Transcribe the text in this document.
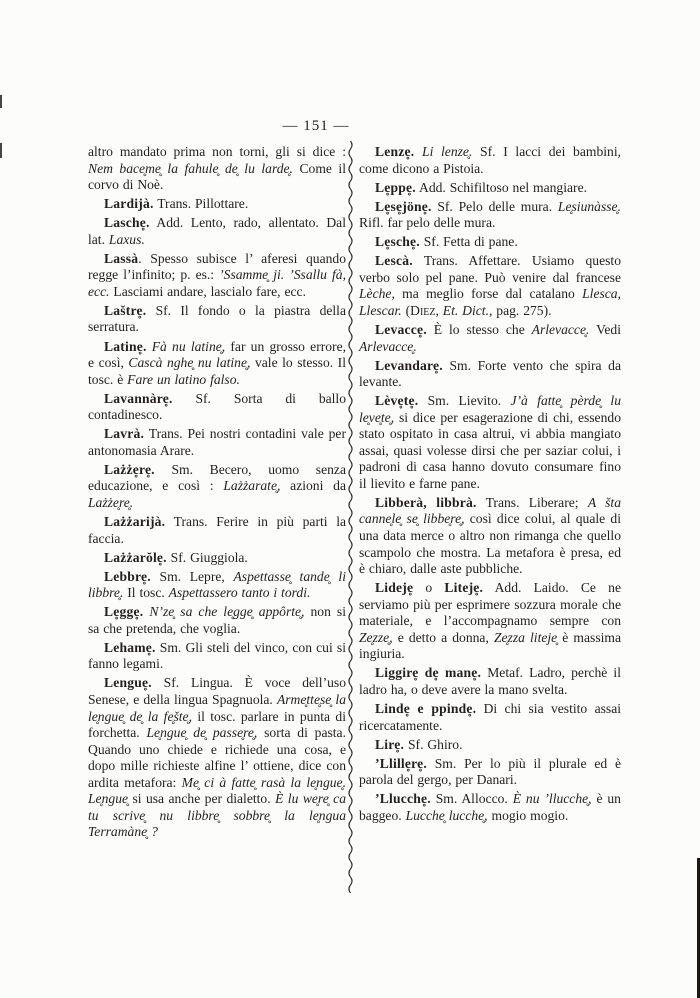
— 151 —

altro mandato prima non torni, gli si dice : Nem bace̥me̥ la fahule̥ de̥ lu larde̥. Come il corvo di Noè.

Lardijà. Trans. Pillottare.

Lasche̥. Add. Lento, rado, allentato. Dal lat. Laxus.

Lassà. Spesso subisce l’ aferesi quando regge l’infinito; p. es.: ’Ssamme̥ ji. ’Ssallu fà, ecc. Lasciami andare, lascialo fare, ecc.

Laštre̥. Sf. Il fondo o la piastra della serratura.

Latine̥. Fà nu latine̥, far un grosso errore, e così, Cascà nghe̥ nu latine̥, vale lo stesso. Il tosc. è Fare un latino falso.

Lavannàre̥. Sf. Sorta di ballo contadinesco.

Lavrà. Trans. Pei nostri contadini vale per antonomasia Arare.

Lażże̥re̥. Sm. Becero, uomo senza educazione, e così : Lażżarate̥, azioni da Lażże̥re̥.

Lażżarijà. Trans. Ferire in più parti la faccia.

Lażżarŏle̥. Sf. Giuggiola.

Lebbre̥. Sm. Lepre, Aspettasse̥ tande̥ li libbre̥. Il tosc. Aspettassero tanto i tordi.

Le̥gge̥. N’ze̥ sa che le̥gge̥ appôrte̥, non si sa che pretenda, che voglia.

Lehame̥. Sm. Gli steli del vinco, con cui si fanno legami.

Lengue̥. Sf. Lingua. È voce dell’uso Senese, e della lingua Spagnuola. Arme̥tte̥se̥ la le̥ngue̥ de̥ la fe̥šte̥, il tosc. parlare in punta di forchetta. Le̥ngue̥ de̥ passe̥re̥, sorta di pasta. Quando uno chiede e richiede una cosa, e dopo mille richieste alfine l’ ottiene, dice con ardita metafora: Me̥ ci à fatte̥ rasà la le̥ngue̥. Le̥ngue̥ si usa anche per dialetto. È lu we̥re̥ ca tu scrive̥ nu libbre̥ sobbre̥ la le̥ngua Terramàne̥ ?

Lenze̥. Li lenze̥. Sf. I lacci dei bambini, come dicono a Pistoia.

Le̥ppe̥. Add. Schifiltoso nel mangiare.

Le̥se̥jöne̥. Sf. Pelo delle mura. Le̥siunàsse̥. Rifl. far pelo delle mura.

Le̥sche̥. Sf. Fetta di pane.

Lescà. Trans. Affettare. Usiamo questo verbo solo pel pane. Può venire dal francese Lèche, ma meglio forse dal catalano Llesca, Llescar. (Diez, Et. Dict., pag. 275).

Levacce̥. È lo stesso che Arlevacce̥. Vedi Arlevacce̥.

Levandare̥. Sm. Forte vento che spira da levante.

Lève̥te̥. Sm. Lievito. J’à fatte̥ pèrde̥ lu le̥ve̥te̥, si dice per esagerazione di chi, essendo stato ospitato in casa altrui, vi abbia mangiato assai, quasi volesse dirsi che per saziar colui, i padroni di casa hanno dovuto consumare fino il lievito e farne pane.

Libberà, libbrà. Trans. Liberare; A šta canne̥le̥ se̥ libbe̥re̥, così dice colui, al quale di una data merce o altro non rimanga che quello scampolo che mostra. La metafora è presa, ed è chiaro, dalle aste pubbliche.

Lideje̥ o Liteje̥. Add. Laido. Ce ne serviamo più per esprimere sozzura morale che materiale, e l’accompagnamo sempre con Ze̥zze̥, e detto a donna, Ze̥zza liteje̥ è massima ingiuria.

Liggire̥ de̥ mane̥. Metaf. Ladro, perchè il ladro ha, o deve avere la mano svelta.

Linde̥ e ppinde̥. Di chi sia vestito assai ricercatamente.

Lire̥. Sf. Ghiro.

’Llille̥re̥. Sm. Per lo più il plurale ed è parola del gergo, per Danari.

’Llucche̥. Sm. Allocco. È nu ’llucche̥, è un baggeo. Lucche̥ lucche̥, mogio mogio.
